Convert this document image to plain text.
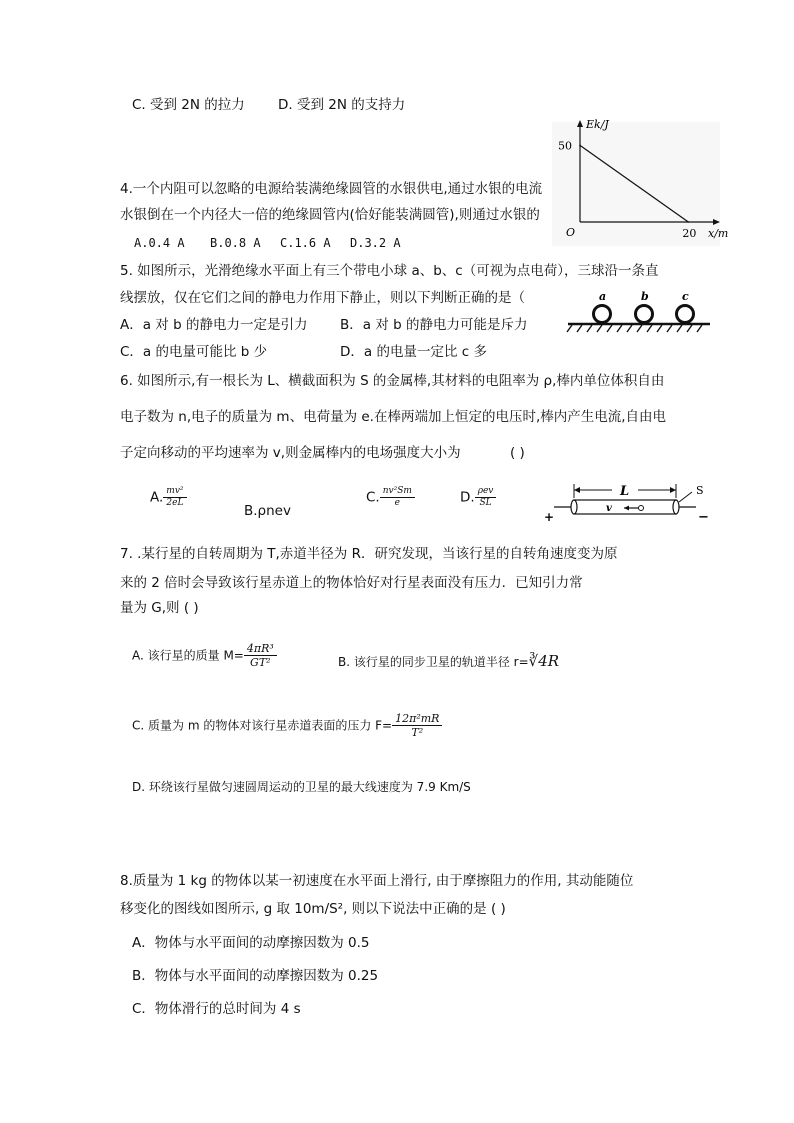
C. 受到 2N 的拉力 D. 受到 2N 的支持力
Ek/J
x/m
50
20
O
4.一个内阻可以忽略的电源给装满绝缘圆管的水银供电,通过水银的电流
水银倒在一个内径大一倍的绝缘圆管内(恰好能装满圆管),则通过水银的
A.0.4 A B.0.8 A C.1.6 A D.3.2 A
5. 如图所示，光滑绝缘水平面上有三个带电小球 a、b、c（可视为点电荷），三球沿一条直
线摆放，仅在它们之间的静电力作用下静止，则以下判断正确的是（
A．a 对 b 的静电力一定是引力 B．a 对 b 的静电力可能是斥力
C．a 的电量可能比 b 少	D．a 的电量一定比 c 多
a	b	c
6. 如图所示,有一根长为 L、横截面积为 S 的金属棒,其材料的电阻率为 ρ,棒内单位体积自由
电子数为 n,电子的质量为 m、电荷量为 e.在棒两端加上恒定的电压时,棒内产生电流,自由电
子定向移动的平均速率为 v,则金属棒内的电场强度大小为	( )
A. $\frac{\text{mv²}}{2eL}$
B.ρnev
C. $\frac{\text{nv²Sm}}{e}$	D. $\frac{\text{ρev}}{SL}$	L
+	−
v
S
7. .某行星的自转周期为 T,赤道半径为 R．研究发现，当该行星的自转角速度变为原
来的 2 倍时会导致该行星赤道上的物体恰好对行星表面没有压力．已知引力常
量为 G,则 ( )
A. 该行星的质量 $M= \frac{\text{4πR³}}{\text{GT²}}$	B. 该行星的同步卫星的轨道半径 r=∛4R
C. 质量为 m 的物体对该行星赤道表面的压力 $F= \frac{\text{12π²mR}}{\text{T²}}$
D. 环绕该行星做匀速圆周运动的卫星的最大线速度为 7.9 Km/S
8.质量为 1 kg 的物体以某一初速度在水平面上滑行, 由于摩擦阻力的作用, 其动能随位
移变化的图线如图所示, g 取 10m/S², 则以下说法中正确的是 ( )
A．物体与水平面间的动摩擦因数为 0.5
B．物体与水平面间的动摩擦因数为 0.25
C．物体滑行的总时间为 4 s
